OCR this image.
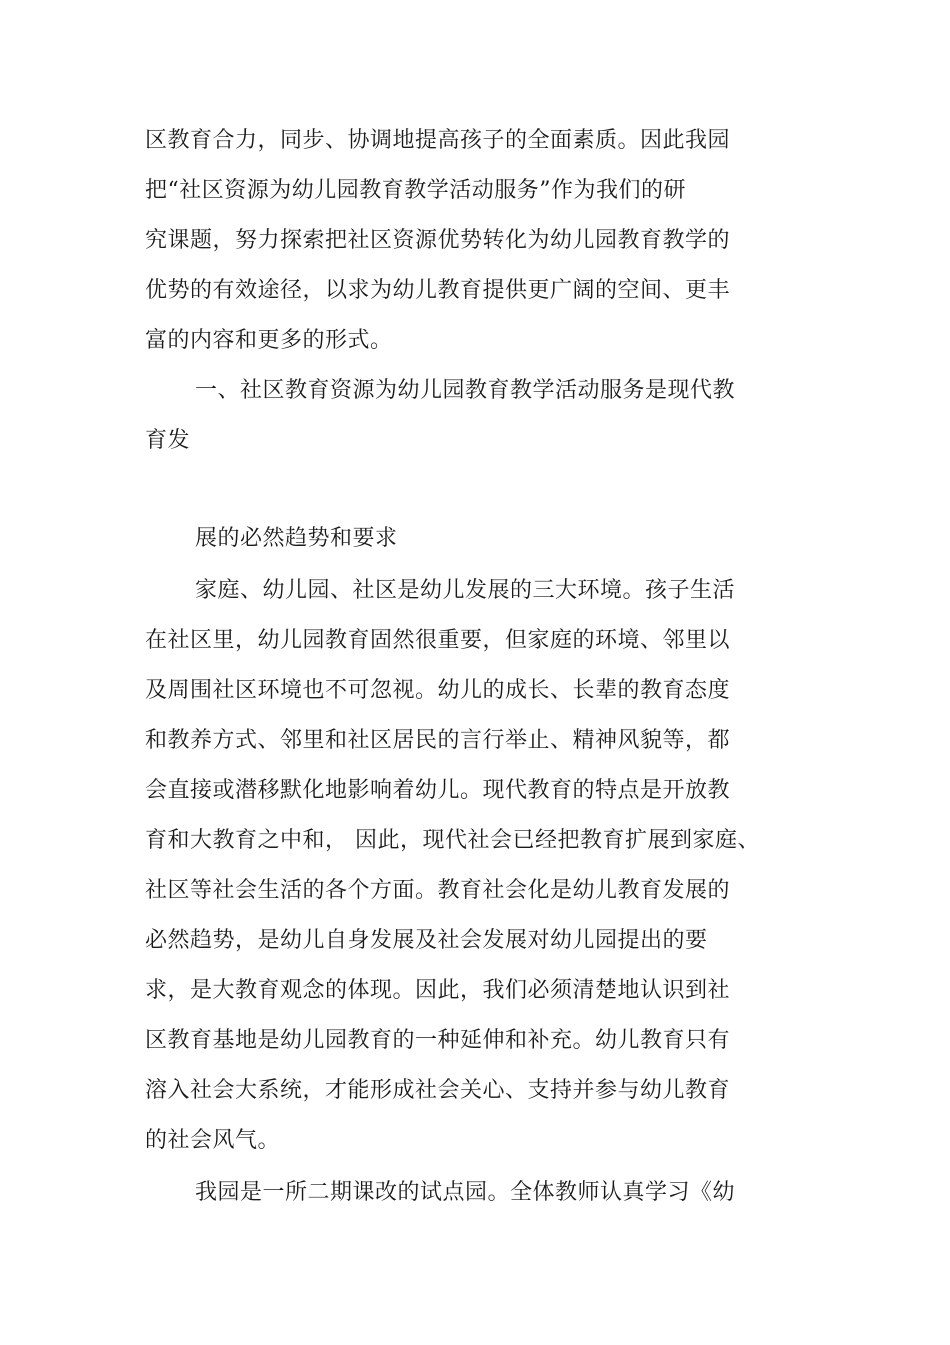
区教育合力，同步、协调地提高孩子的全面素质。因此我园
把“社区资源为幼儿园教育教学活动服务”作为我们的研
究课题，努力探索把社区资源优势转化为幼儿园教育教学的
优势的有效途径，以求为幼儿教育提供更广阔的空间、更丰
富的内容和更多的形式。
一、社区教育资源为幼儿园教育教学活动服务是现代教
育发
展的必然趋势和要求
家庭、幼儿园、社区是幼儿发展的三大环境。孩子生活
在社区里，幼儿园教育固然很重要，但家庭的环境、邻里以
及周围社区环境也不可忽视。幼儿的成长、长辈的教育态度
和教养方式、邻里和社区居民的言行举止、精神风貌等，都
会直接或潜移默化地影响着幼儿。现代教育的特点是开放教
育和大教育之中和， 因此，现代社会已经把教育扩展到家庭、
社区等社会生活的各个方面。教育社会化是幼儿教育发展的
必然趋势，是幼儿自身发展及社会发展对幼儿园提出的要
求，是大教育观念的体现。因此，我们必须清楚地认识到社
区教育基地是幼儿园教育的一种延伸和补充。幼儿教育只有
溶入社会大系统，才能形成社会关心、支持并参与幼儿教育
的社会风气。
我园是一所二期课改的试点园。全体教师认真学习《幼
